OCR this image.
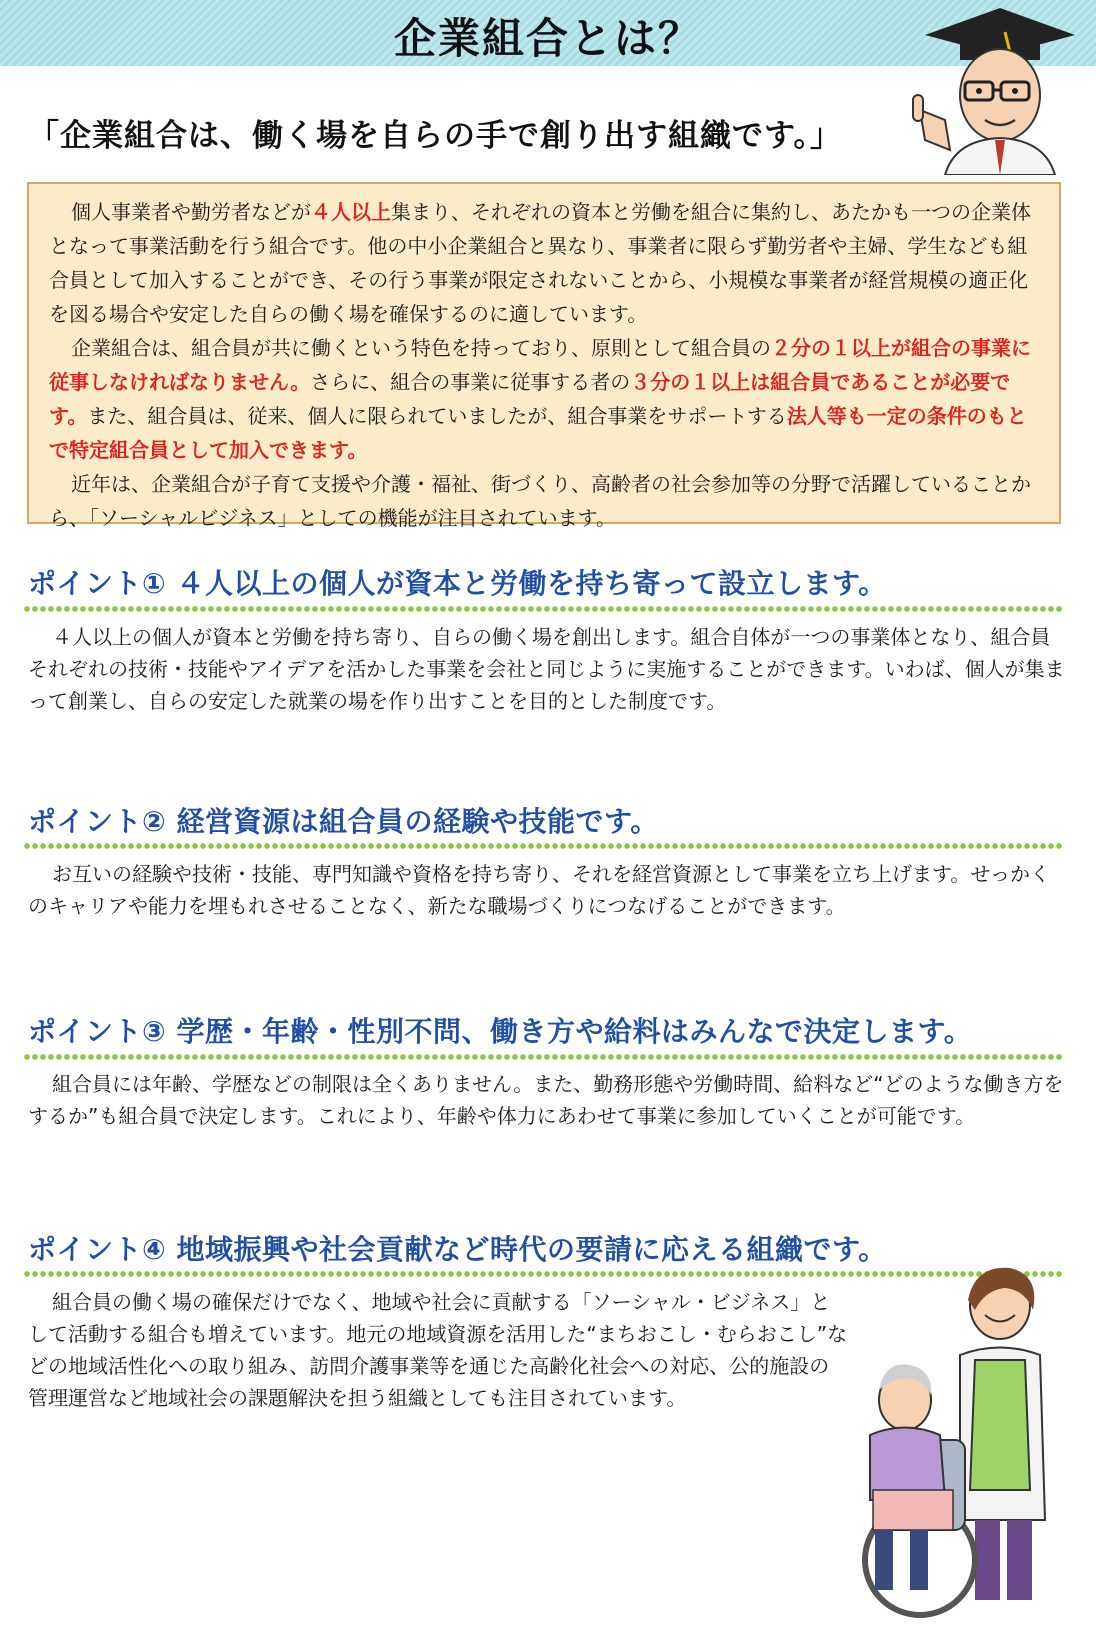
企業組合とは？
「企業組合は、働く場を自らの手で創り出す組織です。」

個人事業者や勤労者などが４人以上集まり、それぞれの資本と労働を組合に集約し、あたかも一つの企業体となって事業活動を行う組合です。他の中小企業組合と異なり、事業者に限らず勤労者や主婦、学生なども組合員として加入することができ、その行う事業が限定されないことから、小規模な事業者が経営規模の適正化を図る場合や安定した自らの働く場を確保するのに適しています。

企業組合は、組合員が共に働くという特色を持っており、原則として組合員の２分の１以上が組合の事業に従事しなければなりません。さらに、組合の事業に従事する者の３分の１以上は組合員であることが必要です。また、組合員は、従来、個人に限られていましたが、組合事業をサポートする法人等も一定の条件のもとで特定組合員として加入できます。

近年は、企業組合が子育て支援や介護・福祉、街づくり、高齢者の社会参加等の分野で活躍していることから、「ソーシャルビジネス」としての機能が注目されています。

ポイント① ４人以上の個人が資本と労働を持ち寄って設立します。

４人以上の個人が資本と労働を持ち寄り、自らの働く場を創出します。組合自体が一つの事業体となり、組合員それぞれの技術・技能やアイデアを活かした事業を会社と同じように実施することができます。いわば、個人が集まって創業し、自らの安定した就業の場を作り出すことを目的とした制度です。

ポイント② 経営資源は組合員の経験や技能です。

お互いの経験や技術・技能、専門知識や資格を持ち寄り、それを経営資源として事業を立ち上げます。せっかくのキャリアや能力を埋もれさせることなく、新たな職場づくりにつなげることができます。

ポイント③ 学歴・年齢・性別不問、働き方や給料はみんなで決定します。

組合員には年齢、学歴などの制限は全くありません。また、勤務形態や労働時間、給料など“どのような働き方をするか”も組合員で決定します。これにより、年齢や体力にあわせて事業に参加していくことが可能です。

ポイント④ 地域振興や社会貢献など時代の要請に応える組織です。

組合員の働く場の確保だけでなく、地域や社会に貢献する「ソーシャル・ビジネス」として活動する組合も増えています。地元の地域資源を活用した“まちおこし・むらおこし”などの地域活性化への取り組み、訪問介護事業等を通じた高齢化社会への対応、公的施設の管理運営など地域社会の課題解決を担う組織としても注目されています。
